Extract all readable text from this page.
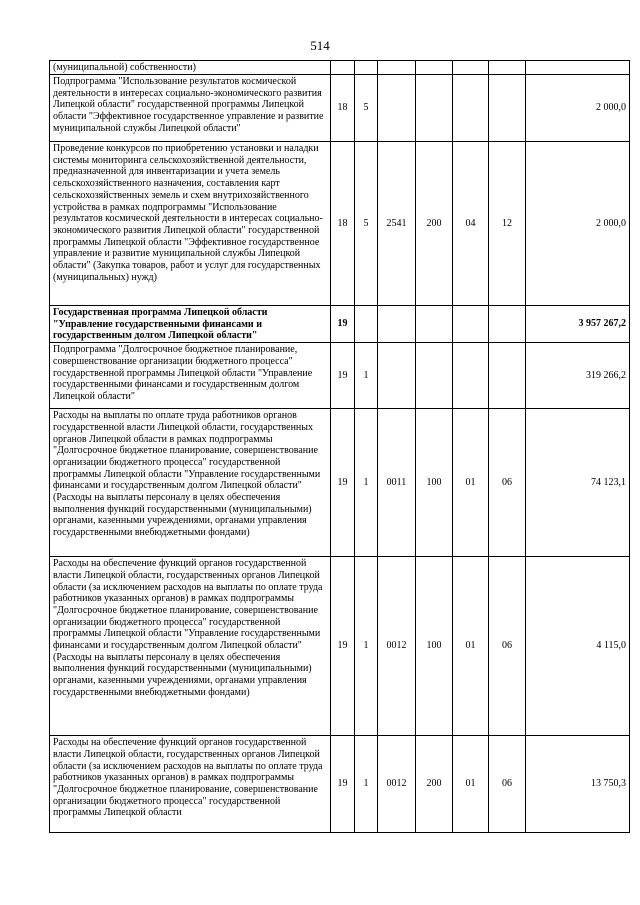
514
(муниципальной) собственности)							
Подпрограмма "Использование результатов космической деятельности в интересах социально-экономического развития Липецкой области" государственной программы Липецкой области "Эффективное государственное управление и развитие муниципальной службы Липецкой области"	18	5					2 000,0
Проведение конкурсов по приобретению установки и наладки системы мониторинга сельскохозяйственной деятельности, предназначенной для инвентаризации и учета земель сельскохозяйственного назначения, составления карт сельскохозяйственных земель и схем внутрихозяйственного устройства в рамках подпрограммы "Использование результатов космической деятельности в интересах социально-экономического развития Липецкой области" государственной программы Липецкой области "Эффективное государственное управление и развитие муниципальной службы Липецкой области" (Закупка товаров, работ и услуг для государственных (муниципальных) нужд)	18	5	2541	200	04	12	2 000,0
Государственная программа Липецкой области "Управление государственными финансами и государственным долгом Липецкой области"	19						3 957 267,2
Подпрограмма "Долгосрочное бюджетное планирование, совершенствование организации бюджетного процесса" государственной программы Липецкой области "Управление государственными финансами и государственным долгом Липецкой области"	19	1					319 266,2
Расходы на выплаты по оплате труда работников органов государственной власти Липецкой области, государственных органов Липецкой области в рамках подпрограммы "Долгосрочное бюджетное планирование, совершенствование организации бюджетного процесса" государственной программы Липецкой области "Управление государственными финансами и государственным долгом Липецкой области" (Расходы на выплаты персоналу в целях обеспечения выполнения функций государственными (муниципальными) органами, казенными учреждениями, органами управления государственными внебюджетными фондами)	19	1	0011	100	01	06	74 123,1
Расходы на обеспечение функций органов государственной власти Липецкой области, государственных органов Липецкой области (за исключением расходов на выплаты по оплате труда работников указанных органов) в рамках подпрограммы "Долгосрочное бюджетное планирование, совершенствование организации бюджетного процесса" государственной программы Липецкой области "Управление государственными финансами и государственным долгом Липецкой области" (Расходы на выплаты персоналу в целях обеспечения выполнения функций государственными (муниципальными) органами, казенными учреждениями, органами управления государственными внебюджетными фондами)	19	1	0012	100	01	06	4 115,0
Расходы на обеспечение функций органов государственной власти Липецкой области, государственных органов Липецкой области (за исключением расходов на выплаты по оплате труда работников указанных органов) в рамках подпрограммы "Долгосрочное бюджетное планирование, совершенствование организации бюджетного процесса" государственной программы Липецкой области	19	1	0012	200	01	06	13 750,3
